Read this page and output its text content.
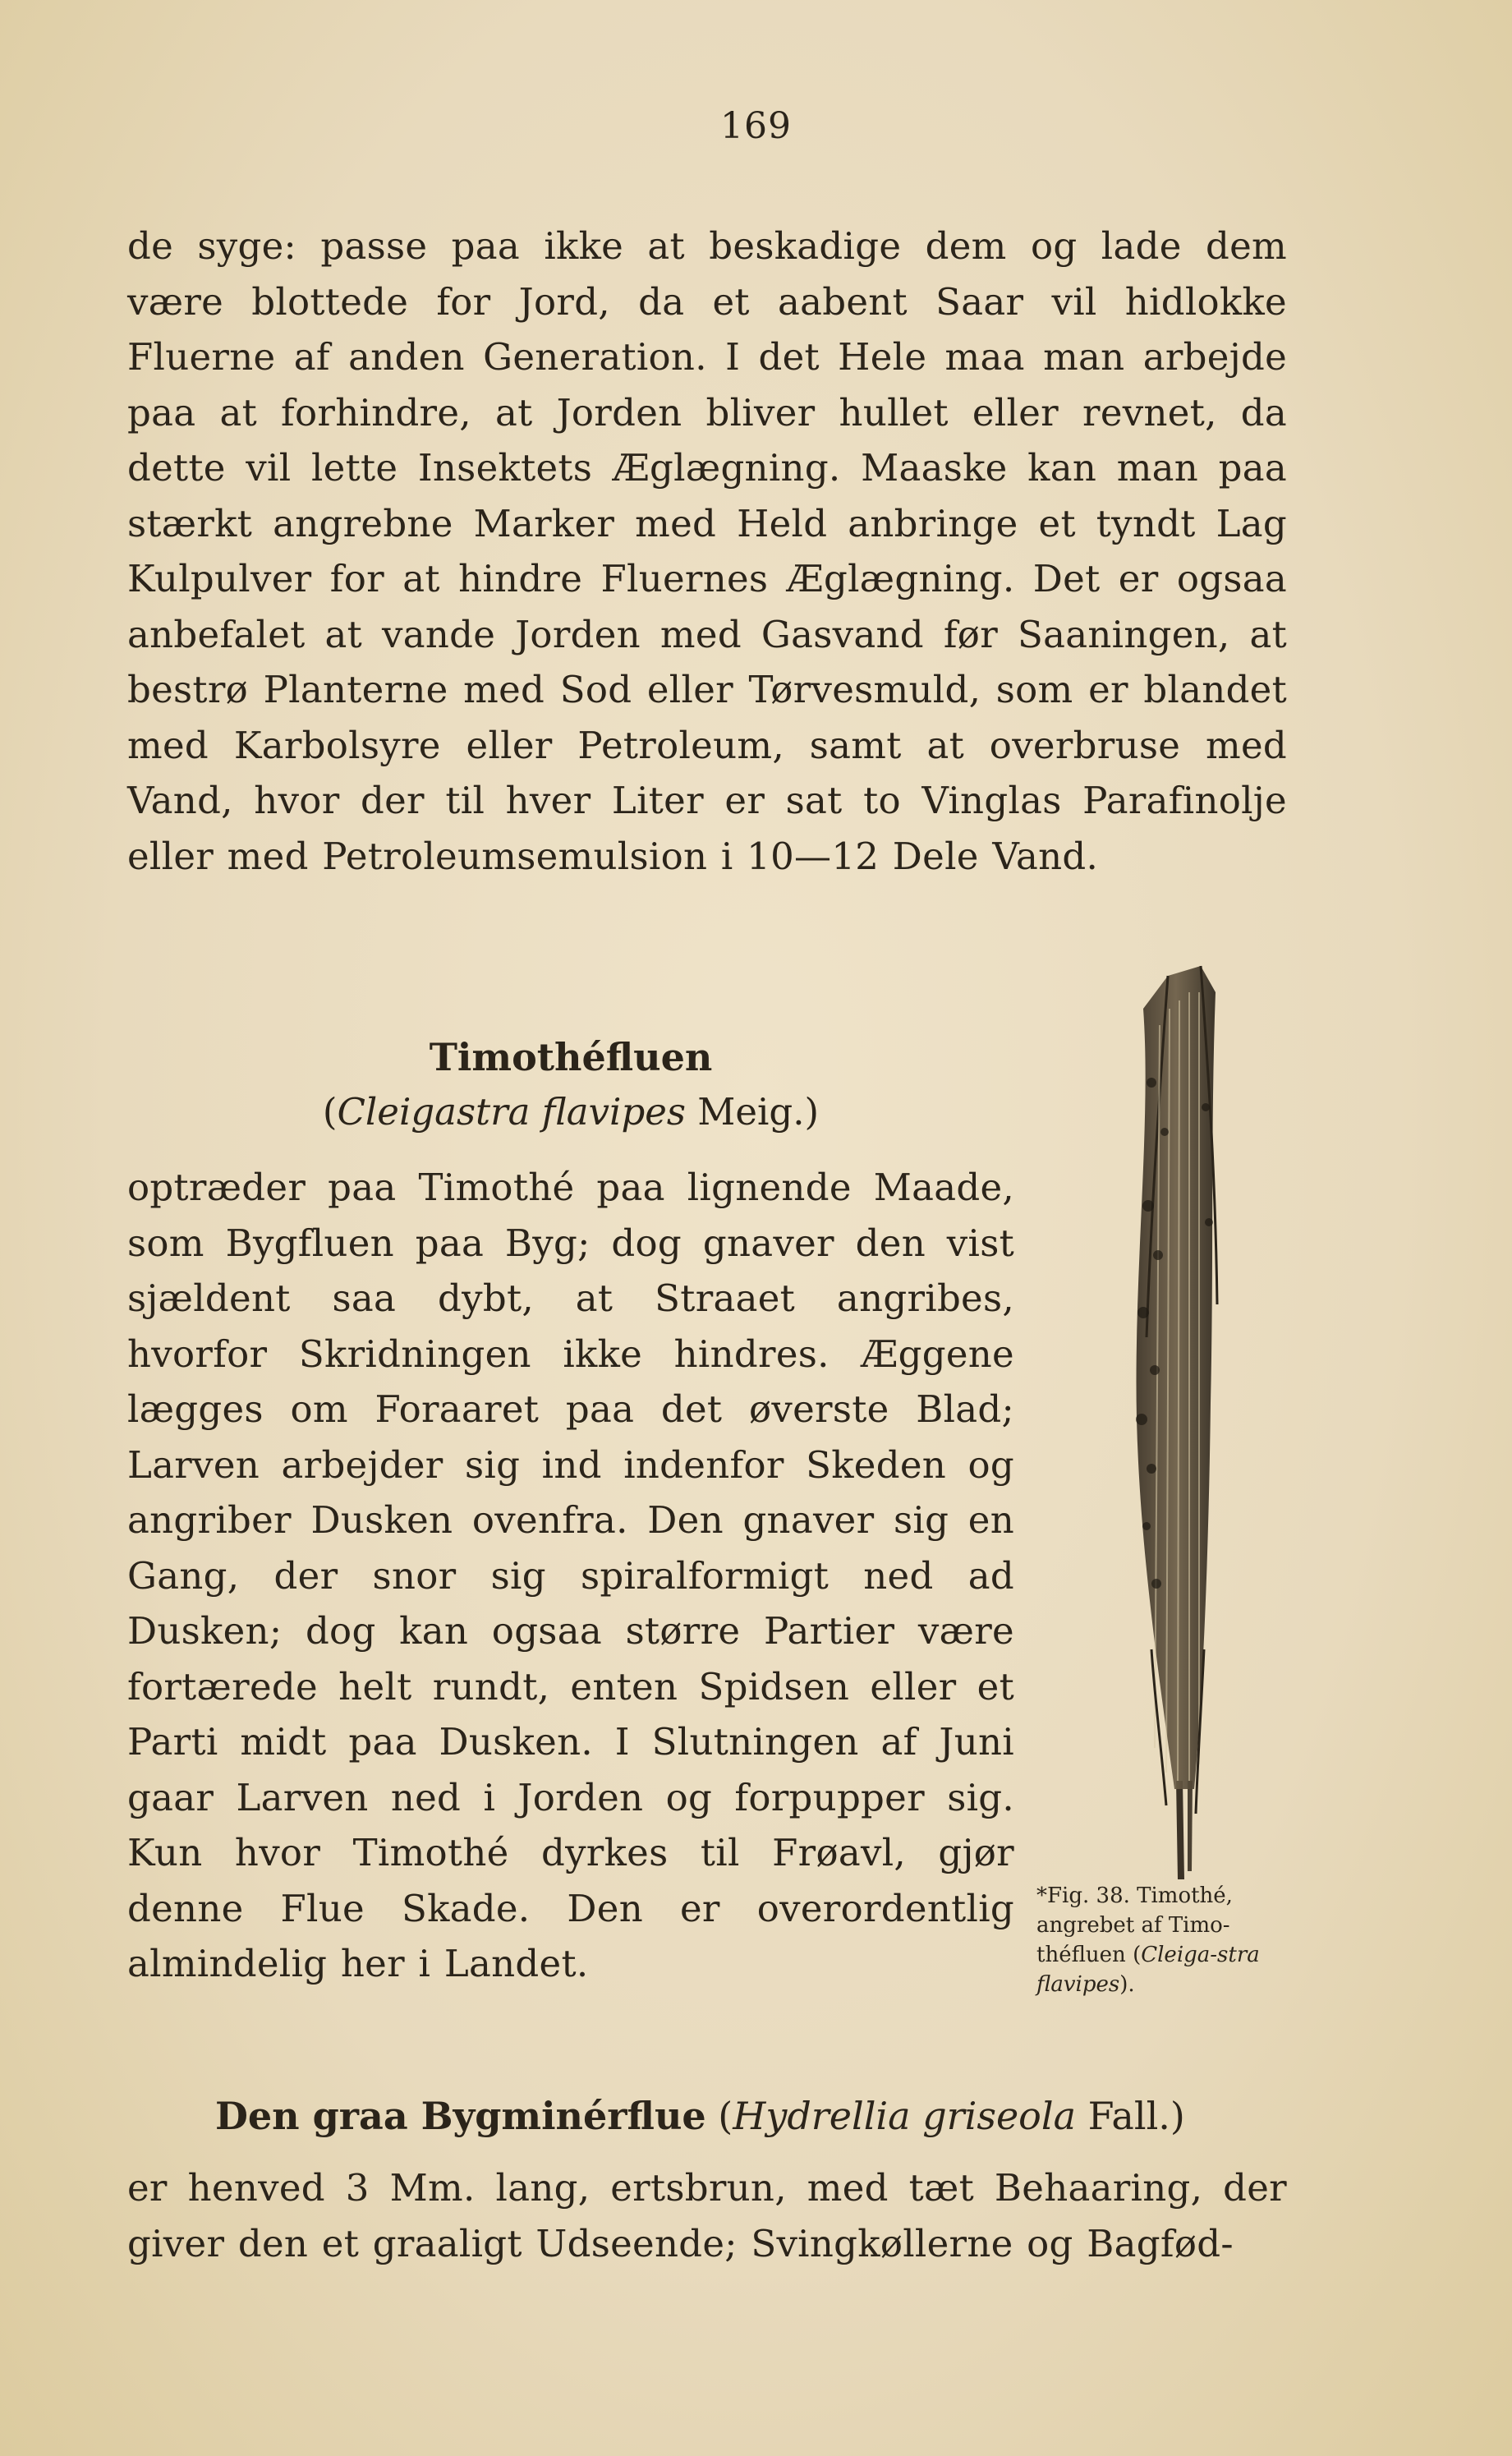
169

de syge: passe paa ikke at beskadige dem og lade dem være blottede for Jord, da et aabent Saar vil hidlokke Fluerne af anden Generation. I det Hele maa man arbejde paa at forhindre, at Jorden bliver hullet eller revnet, da dette vil lette Insektets Æglægning. Maaske kan man paa stærkt angrebne Marker med Held anbringe et tyndt Lag Kulpulver for at hindre Fluernes Æglægning. Det er ogsaa anbefalet at vande Jorden med Gasvand før Saaningen, at bestrø Planterne med Sod eller Tørvesmuld, som er blandet med Karbolsyre eller Petroleum, samt at overbruse med Vand, hvor der til hver Liter er sat to Vinglas Parafinolje eller med Petroleumsemulsion i 10—12 Dele Vand.

Timothéfluen
(Cleigastra flavipes Meig.)

optræder paa Timothé paa lignende Maade, som Bygfluen paa Byg; dog gnaver den vist sjældent saa dybt, at Straaet angribes, hvorfor Skridningen ikke hindres. Æggene lægges om Foraaret paa det øverste Blad; Larven arbejder sig ind indenfor Skeden og angriber Dusken ovenfra. Den gnaver sig en Gang, der snor sig spiralformigt ned ad Dusken; dog kan ogsaa større Partier være fortærede helt rundt, enten Spidsen eller et Parti midt paa Dusken. I Slutningen af Juni gaar Larven ned i Jorden og forpupper sig. Kun hvor Timothé dyrkes til Frøavl, gjør denne Flue Skade. Den er overordentlig almindelig her i Landet.

*Fig. 38. Timothé,
angrebet af Timo-
théfluen (Cleiga-stra flavipes).
Den graa Bygminérflue (Hydrellia griseola Fall.)

er henved 3 Mm. lang, ertsbrun, med tæt Behaaring, der giver den et graaligt Udseende; Svingkøllerne og Bagfød-
